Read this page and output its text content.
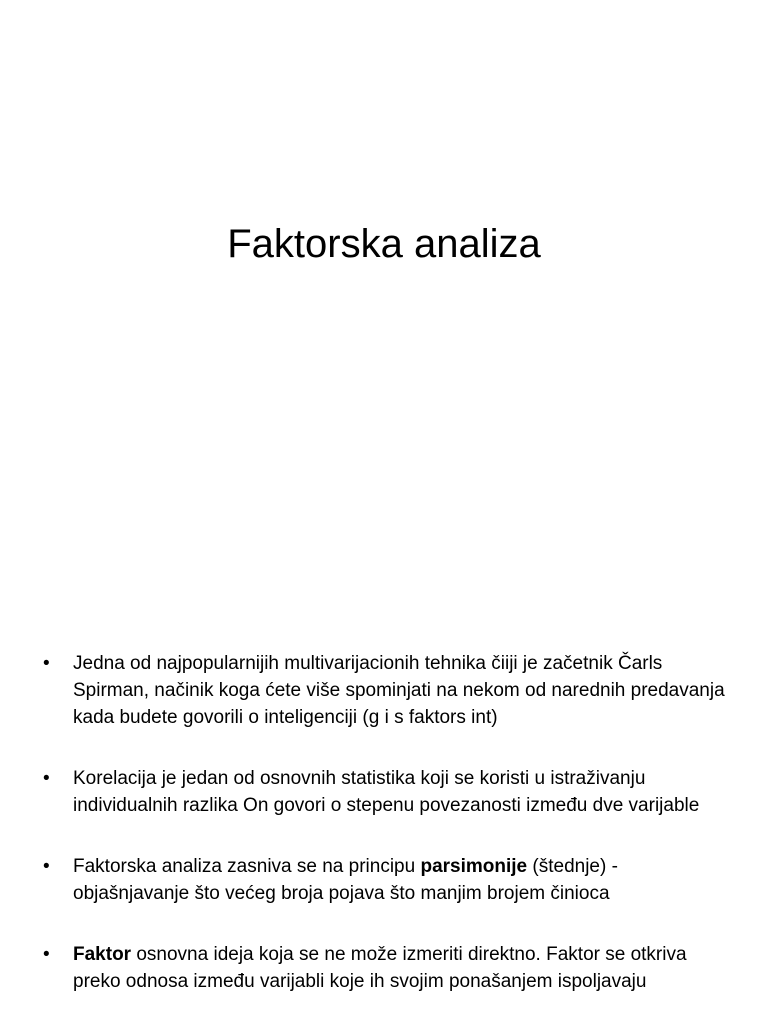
Faktorska analiza
• Jedna od najpopularnijih multivarijacionih tehnika čiiji je začetnik Čarls Spirman, načinik koga ćete više spominjati na nekom od narednih predavanja kada budete govorili o inteligenciji (g i s faktors int)
• Korelacija je jedan od osnovnih statistika koji se koristi u istraživanju individualnih razlika On govori o stepenu povezanosti između dve varijable
• Faktorska analiza zasniva se na principu parsimonije (štednje) - objašnjavanje što većeg broja pojava što manjim brojem činioca
• Faktor osnovna ideja koja se ne može izmeriti direktno. Faktor se otkriva preko odnosa između varijabli koje ih svojim ponašanjem ispoljavaju
